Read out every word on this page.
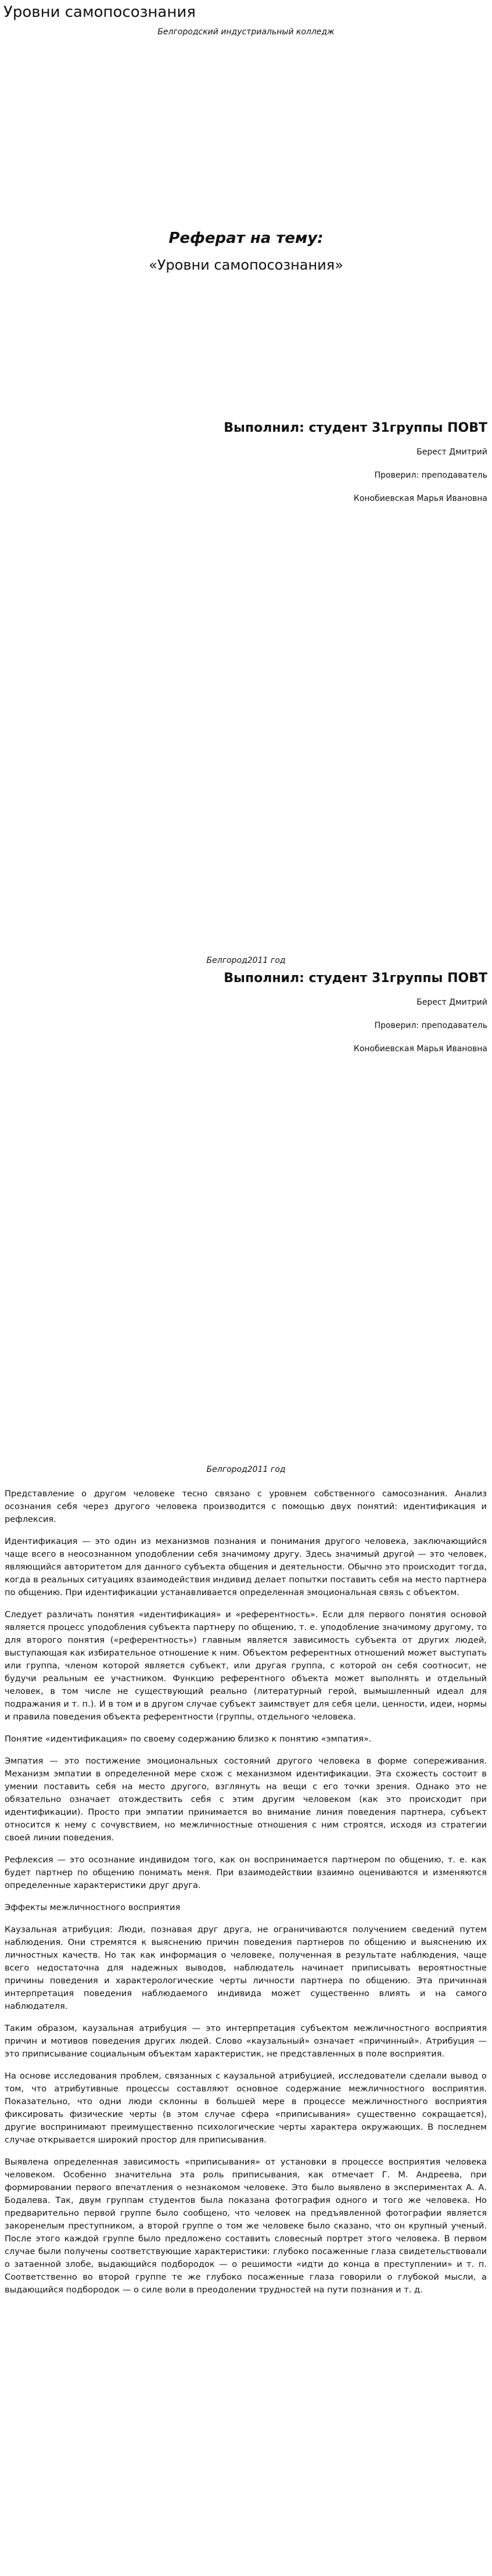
Уровни самопосознания
Белгородский индустриальный колледж
Реферат на тему:
«Уровни самопосознания»
Выполнил: студент 31группы ПОВТ
Берест Дмитрий
Проверил: преподаватель
Конобиевская Марья Ивановна
Белгород2011 год
Выполнил: студент 31группы ПОВТ
Берест Дмитрий
Проверил: преподаватель
Конобиевская Марья Ивановна
Белгород2011 год

Представление о другом человеке тесно связано с уровнем собственного самосознания. Анализ осознания себя через другого человека производится с помощью двух понятий: идентификация и рефлексия.

Идентификация — это один из механизмов познания и понимания другого человека, заключающийся чаще всего в неосознанном уподоблении себя значимому другу. Здесь значимый другой — это человек, являющийся авторитетом для данного субъекта общения и деятельности. Обычно это происходит тогда, когда в реальных ситуациях взаимодействия индивид делает попытки поставить себя на место партнера по общению. При идентификации устанавливается определенная эмоциональная связь с объектом.

Следует различать понятия «идентификация» и «референтность». Если для первого понятия основой является процесс уподобления субъекта партнеру по общению, т. е. уподобление значимому другому, то для второго понятия («референтность») главным является зависимость субъекта от других людей, выступающая как избирательное отношение к ним. Объектом референтных отношений может выступать или группа, членом которой является субъект, или другая группа, с которой он себя соотносит, не будучи реальным ее участником. Функцию референтного объекта может выполнять и отдельный человек, в том числе не существующий реально (литературный герой, вымышленный идеал для подражания и т. п.). И в том и в другом случае субъект заимствует для себя цели, ценности, идеи, нормы и правила поведения объекта референтности (группы, отдельного человека.

Понятие «идентификация» по своему содержанию близко к понятию «эмпатия».

Эмпатия — это постижение эмоциональных состояний другого человека в форме сопереживания. Механизм эмпатии в определенной мере схож с механизмом идентификации. Эта схожесть состоит в умении поставить себя на место другого, взглянуть на вещи с его точки зрения. Однако это не обязательно означает отождествить себя с этим другим человеком (как это происходит при идентификации). Просто при эмпатии принимается во внимание линия поведения партнера, субъект относится к нему с сочувствием, но межличностные отношения с ним строятся, исходя из стратегии своей линии поведения.

Рефлексия — это осознание индивидом того, как он воспринимается партнером по общению, т. е. как будет партнер по общению понимать меня. При взаимодействии взаимно оцениваются и изменяются определенные характеристики друг друга.

Эффекты межличностного восприятия

Каузальная атрибуция: Люди, познавая друг друга, не ограничиваются получением сведений путем наблюдения. Они стремятся к выяснению причин поведения партнеров по общению и выяснению их личностных качеств. Но так как информация о человеке, полученная в результате наблюдения, чаще всего недостаточна для надежных выводов, наблюдатель начинает приписывать вероятностные причины поведения и характерологические черты личности партнера по общению. Эта причинная интерпретация поведения наблюдаемого индивида может существенно влиять и на самого наблюдателя.

Таким образом, каузальная атрибуция — это интерпретация субъектом межличностного восприятия причин и мотивов поведения других людей. Слово «каузальный» означает «причинный». Атрибуция — это приписывание социальным объектам характеристик, не представленных в поле восприятия.

На основе исследования проблем, связанных с каузальной атрибуцией, исследователи сделали вывод о том, что атрибутивные процессы составляют основное содержание межличностного восприятия. Показательно, что одни люди склонны в большей мере в процессе межличностного восприятия фиксировать физические черты (в этом случае сфера «приписывания» существенно сокращается), другие воспринимают преимущественно психологические черты характера окружающих. В последнем случае открывается широкий простор для приписывания.

Выявлена определенная зависимость «приписывания» от установки в процессе восприятия человека человеком. Особенно значительна эта роль приписывания, как отмечает Г. М. Андреева, при формировании первого впечатления о незнакомом человеке. Это было выявлено в экспериментах А. А. Бодалева. Так, двум группам студентов была показана фотография одного и того же человека. Но предварительно первой группе было сообщено, что человек на предъявленной фотографии является закоренелым преступником, а второй группе о том же человеке было сказано, что он крупный ученый. После этого каждой группе было предложено составить словесный портрет этого человека. В первом случае были получены соответствующие характеристики: глубоко посаженные глаза свидетельствовали о затаенной злобе, выдающийся подбородок — о решимости «идти до конца в преступлении» и т. п. Соответственно во второй группе те же глубоко посаженные глаза говорили о глубокой мысли, а выдающийся подбородок — о силе воли в преодолении трудностей на пути познания и т. д.
